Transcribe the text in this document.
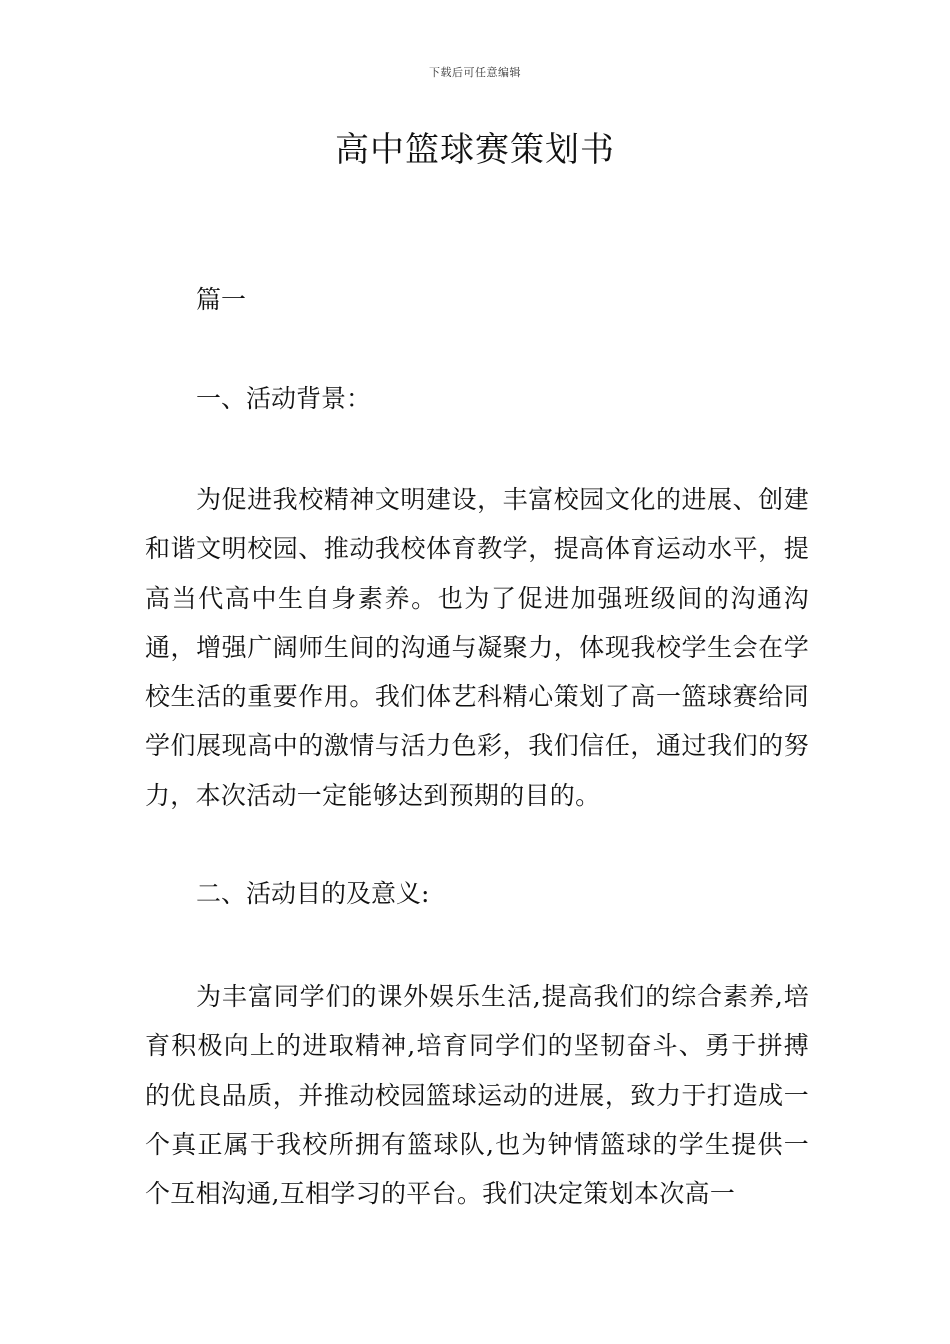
下载后可任意编辑
高中篮球赛策划书

篇一

一、活动背景：

为促进我校精神文明建设，丰富校园文化的进展、创建和谐文明校园、推动我校体育教学，提高体育运动水平，提高当代高中生自身素养。也为了促进加强班级间的沟通沟通，增强广阔师生间的沟通与凝聚力，体现我校学生会在学校生活的重要作用。我们体艺科精心策划了高一篮球赛给同学们展现高中的激情与活力色彩，我们信任，通过我们的努力，本次活动一定能够达到预期的目的。

二、活动目的及意义:

为丰富同学们的课外娱乐生活,提高我们的综合素养,培育积极向上的进取精神,培育同学们的坚韧奋斗、勇于拼搏的优良品质，并推动校园篮球运动的进展，致力于打造成一个真正属于我校所拥有篮球队,也为钟情篮球的学生提供一个互相沟通,互相学习的平台。我们决定策划本次高一
